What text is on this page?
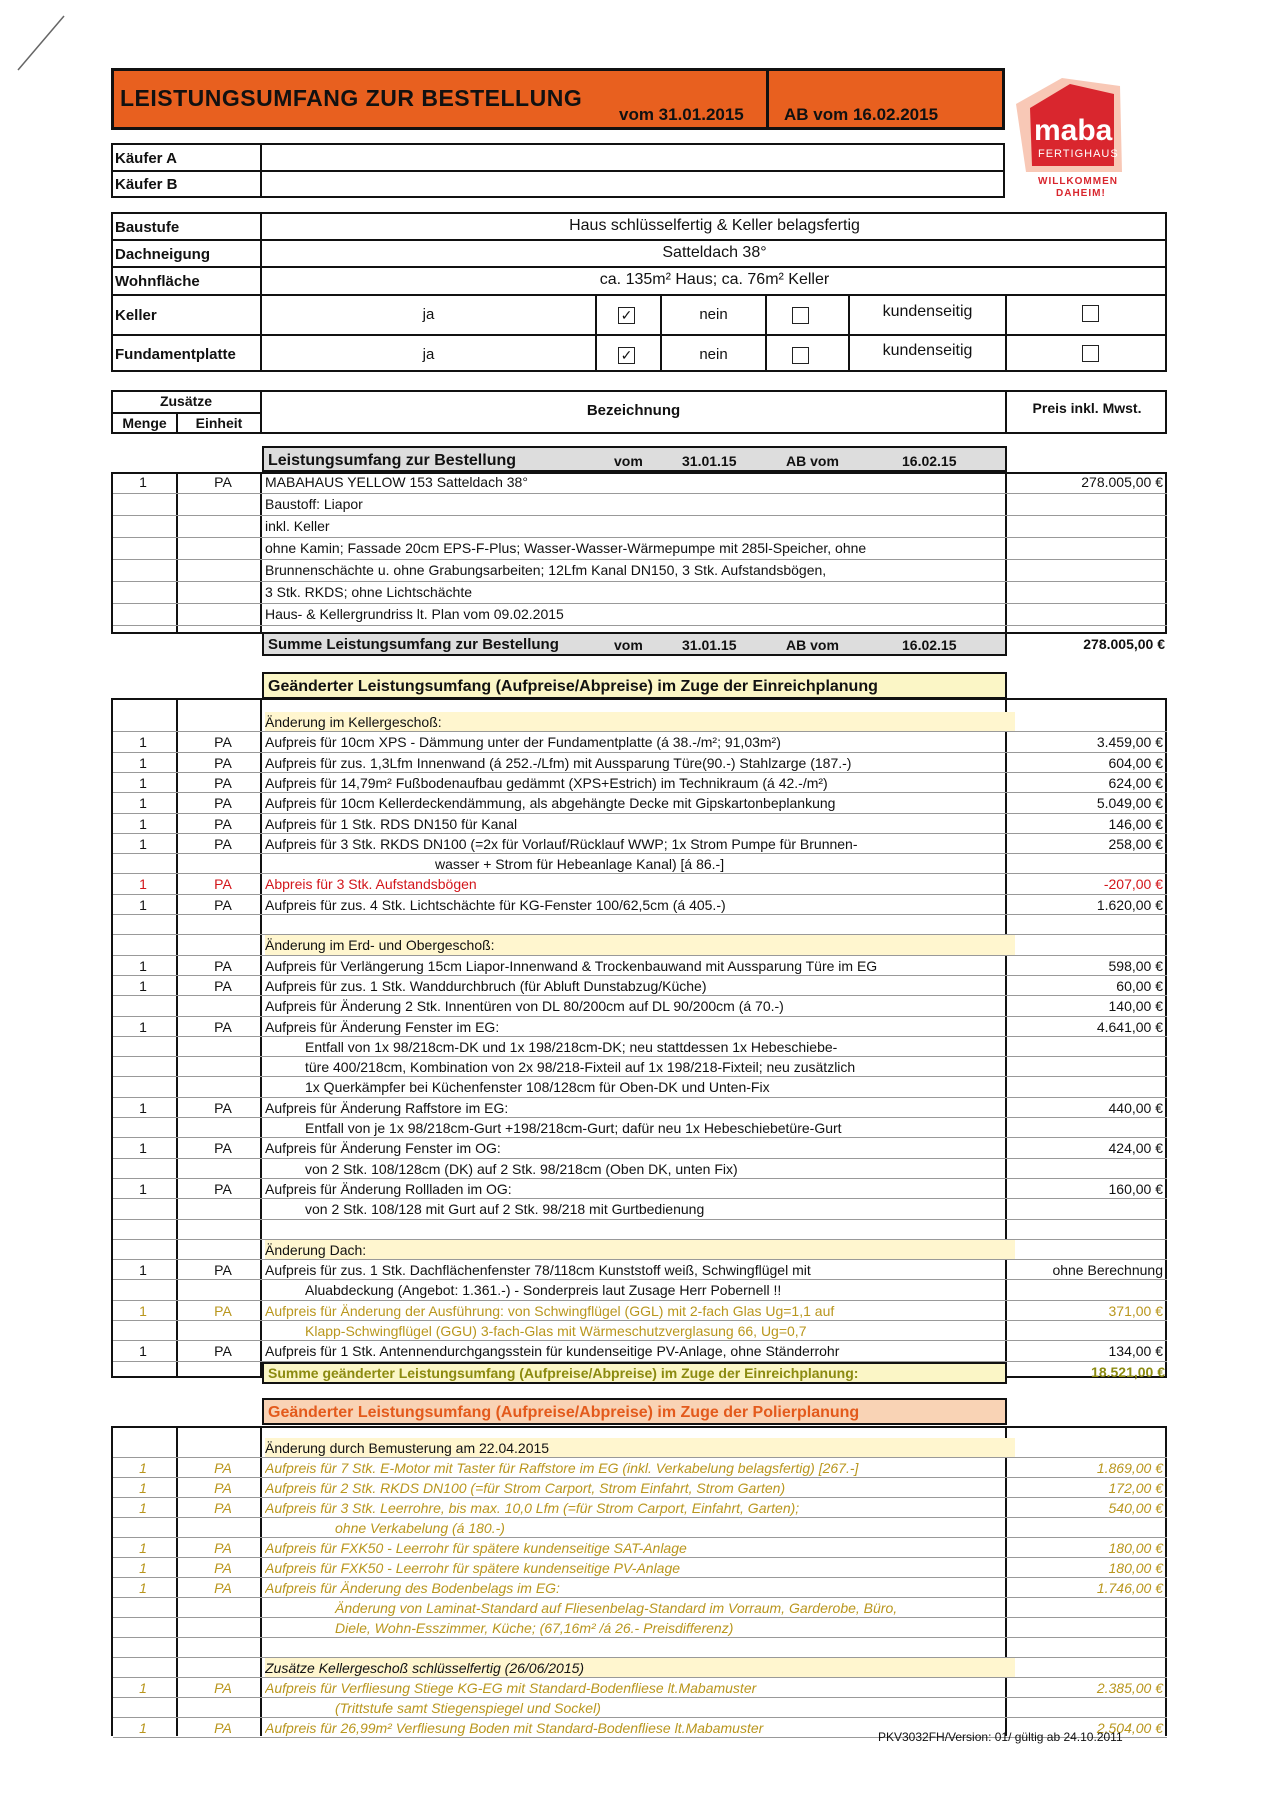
LEISTUNGSUMFANG ZUR BESTELLUNG
vom 31.01.2015 AB vom 16.02.2015	maba
FERTIGHAUS
WILLKOMMEN
DAHEIM!
Käufer A
Käufer B
Baustufe	Haus schlüsselfertig & Keller belagsfertig
Dachneigung	Satteldach 38°
Wohnfläche	ca. 135m² Haus; ca. 76m² Keller
Keller	ja	✓	nein	kundenseitig
Fundamentplatte	ja	✓	nein	kundenseitig
Zusätze
Menge	Einheit
Bezeichnung	Preis inkl. Mwst.
Leistungsumfang zur Bestellung	vom	31.01.15	AB vom	16.02.15
1	PA	MABAHAUS YELLOW 153 Satteldach 38°	278.005,00 €
Baustoff: Liapor
inkl. Keller
ohne Kamin; Fassade 20cm EPS-F-Plus; Wasser-Wasser-Wärmepumpe mit 285l-Speicher, ohne
Brunnenschächte u. ohne Grabungsarbeiten; 12Lfm Kanal DN150, 3 Stk. Aufstandsbögen,
3 Stk. RKDS; ohne Lichtschächte
Haus- & Kellergrundriss lt. Plan vom 09.02.2015
Summe Leistungsumfang zur Bestellung	vom	31.01.15	AB vom	16.02.15	278.005,00 €
Geänderter Leistungsumfang (Aufpreise/Abpreise) im Zuge der Einreichplanung
Änderung im Kellergeschoß:
1	PA	Aufpreis für 10cm XPS - Dämmung unter der Fundamentplatte (á 38.-/m²; 91,03m²)	3.459,00 €
1	PA	Aufpreis für zus. 1,3Lfm Innenwand (á 252.-/Lfm) mit Aussparung Türe(90.-) Stahlzarge (187.-)	604,00 €
1	PA	Aufpreis für 14,79m² Fußbodenaufbau gedämmt (XPS+Estrich) im Technikraum (á 42.-/m²)	624,00 €
1	PA	Aufpreis für 10cm Kellerdeckendämmung, als abgehängte Decke mit Gipskartonbeplankung	5.049,00 €
1	PA	Aufpreis für 1 Stk. RDS DN150 für Kanal	146,00 €
1	PA	Aufpreis für 3 Stk. RKDS DN100 (=2x für Vorlauf/Rücklauf WWP; 1x Strom Pumpe für Brunnen-	258,00 €
wasser + Strom für Hebeanlage Kanal) [á 86.-]
1	PA	Abpreis für 3 Stk. Aufstandsbögen	-207,00 €
1	PA	Aufpreis für zus. 4 Stk. Lichtschächte für KG-Fenster 100/62,5cm (á 405.-)	1.620,00 €
Änderung im Erd- und Obergeschoß:
1	PA	Aufpreis für Verlängerung 15cm Liapor-Innenwand & Trockenbauwand mit Aussparung Türe im EG	598,00 €
1	PA	Aufpreis für zus. 1 Stk. Wanddurchbruch (für Abluft Dunstabzug/Küche)	60,00 €
Aufpreis für Änderung 2 Stk. Innentüren von DL 80/200cm auf DL 90/200cm (á 70.-)	140,00 €
1	PA	Aufpreis für Änderung Fenster im EG:	4.641,00 €
Entfall von 1x 98/218cm-DK und 1x 198/218cm-DK; neu stattdessen 1x Hebeschiebe-
türe 400/218cm, Kombination von 2x 98/218-Fixteil auf 1x 198/218-Fixteil; neu zusätzlich
1x Querkämpfer bei Küchenfenster 108/128cm für Oben-DK und Unten-Fix
1	PA	Aufpreis für Änderung Raffstore im EG:	440,00 €
Entfall von je 1x 98/218cm-Gurt +198/218cm-Gurt; dafür neu 1x Hebeschiebetüre-Gurt
1	PA	Aufpreis für Änderung Fenster im OG:	424,00 €
von 2 Stk. 108/128cm (DK) auf 2 Stk. 98/218cm (Oben DK, unten Fix)
1	PA	Aufpreis für Änderung Rollladen im OG:	160,00 €
von 2 Stk. 108/128 mit Gurt auf 2 Stk. 98/218 mit Gurtbedienung
Änderung Dach:
1	PA	Aufpreis für zus. 1 Stk. Dachflächenfenster 78/118cm Kunststoff weiß, Schwingflügel mit	ohne Berechnung
Aluabdeckung (Angebot: 1.361.-) - Sonderpreis laut Zusage Herr Pobernell !!
1	PA	Aufpreis für Änderung der Ausführung: von Schwingflügel (GGL) mit 2-fach Glas Ug=1,1 auf	371,00 €
Klapp-Schwingflügel (GGU) 3-fach-Glas mit Wärmeschutzverglasung 66, Ug=0,7
1	PA	Aufpreis für 1 Stk. Antennendurchgangsstein für kundenseitige PV-Anlage, ohne Ständerrohr	134,00 €
Summe geänderter Leistungsumfang (Aufpreise/Abpreise) im Zuge der Einreichplanung:	18.521,00 €
Geänderter Leistungsumfang (Aufpreise/Abpreise) im Zuge der Polierplanung
Änderung durch Bemusterung am 22.04.2015
1	PA	Aufpreis für 7 Stk. E-Motor mit Taster für Raffstore im EG (inkl. Verkabelung belagsfertig) [267.-]	1.869,00 €
1	PA	Aufpreis für 2 Stk. RKDS DN100 (=für Strom Carport, Strom Einfahrt, Strom Garten)	172,00 €
1	PA	Aufpreis für 3 Stk. Leerrohre, bis max. 10,0 Lfm (=für Strom Carport, Einfahrt, Garten);	540,00 €
ohne Verkabelung (á 180.-)
1	PA	Aufpreis für FXK50 - Leerrohr für spätere kundenseitige SAT-Anlage	180,00 €
1	PA	Aufpreis für FXK50 - Leerrohr für spätere kundenseitige PV-Anlage	180,00 €
1	PA	Aufpreis für Änderung des Bodenbelags im EG:	1.746,00 €
Änderung von Laminat-Standard auf Fliesenbelag-Standard im Vorraum, Garderobe, Büro,
Diele, Wohn-Esszimmer, Küche; (67,16m² /á 26.- Preisdifferenz)
Zusätze Kellergeschoß schlüsselfertig (26/06/2015)
1	PA	Aufpreis für Verfliesung Stiege KG-EG mit Standard-Bodenfliese lt.Mabamuster	2.385,00 €
(Trittstufe samt Stiegenspiegel und Sockel)
1	PA	Aufpreis für 26,99m² Verfliesung Boden mit Standard-Bodenfliese lt.Mabamuster	2.504,00 €
PKV3032FH/Version: 01/ gültig ab 24.10.2011
